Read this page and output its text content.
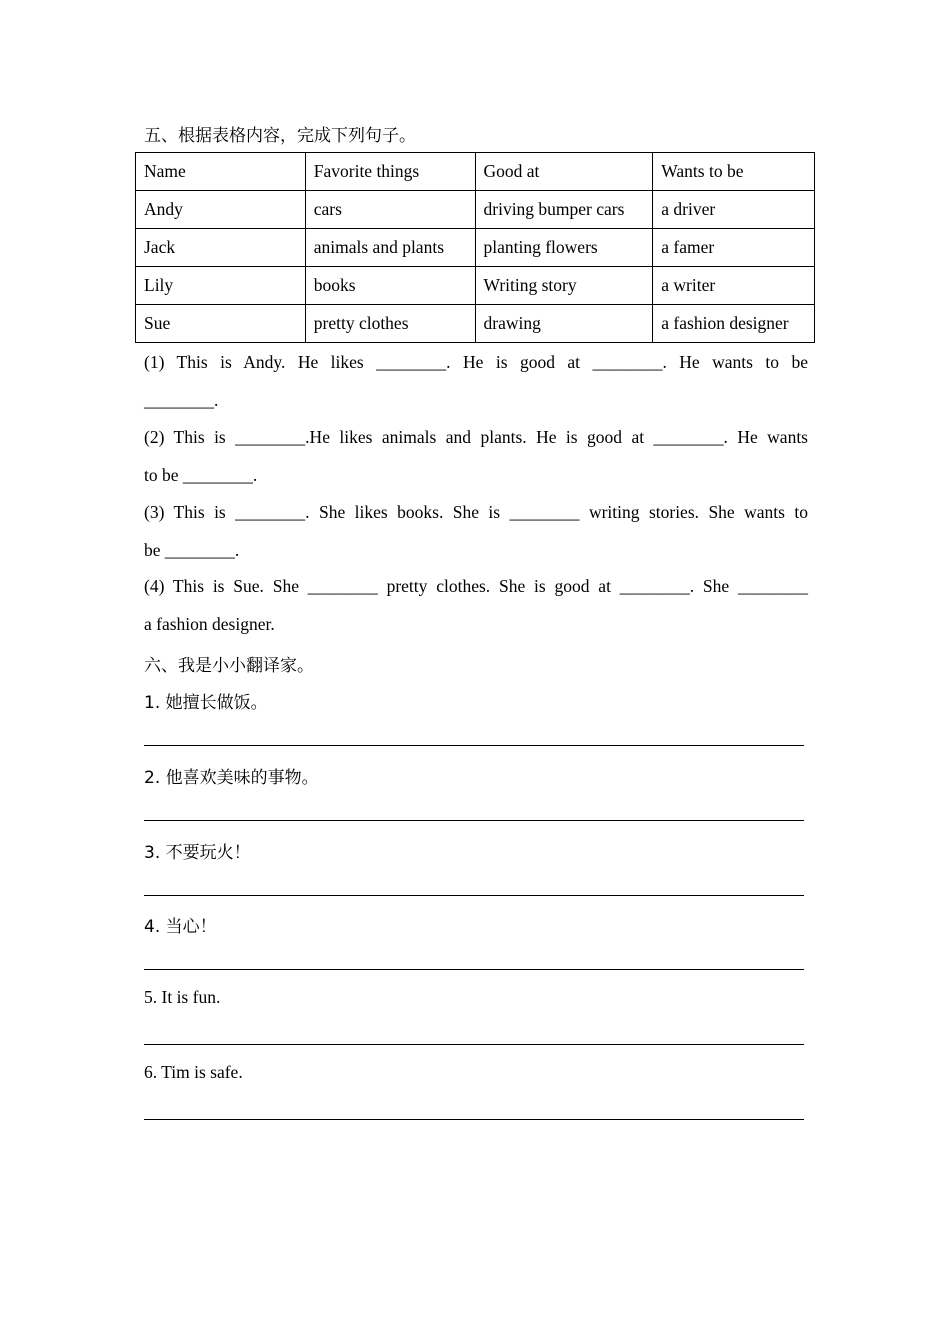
五、根据表格内容，完成下列句子。
Name	Favorite things	Good at	Wants to be
Andy	cars	driving bumper cars	a driver
Jack	animals and plants	planting flowers	a famer
Lily	books	Writing story	a writer
Sue	pretty clothes	drawing	a fashion designer
(1) This is Andy. He likes ________. He is good at ________. He wants to be
________.
(2) This is ________.He likes animals and plants. He is good at ________. He wants
to be ________.
(3) This is ________. She likes books. She is ________ writing stories. She wants to
be ________.
(4) This is Sue. She ________ pretty clothes. She is good at ________. She ________
a fashion designer.
六、我是小小翻译家。
1. 她擅长做饭。
2. 他喜欢美味的事物。
3. 不要玩火！
4. 当心！
5. It is fun.
6. Tim is safe.
